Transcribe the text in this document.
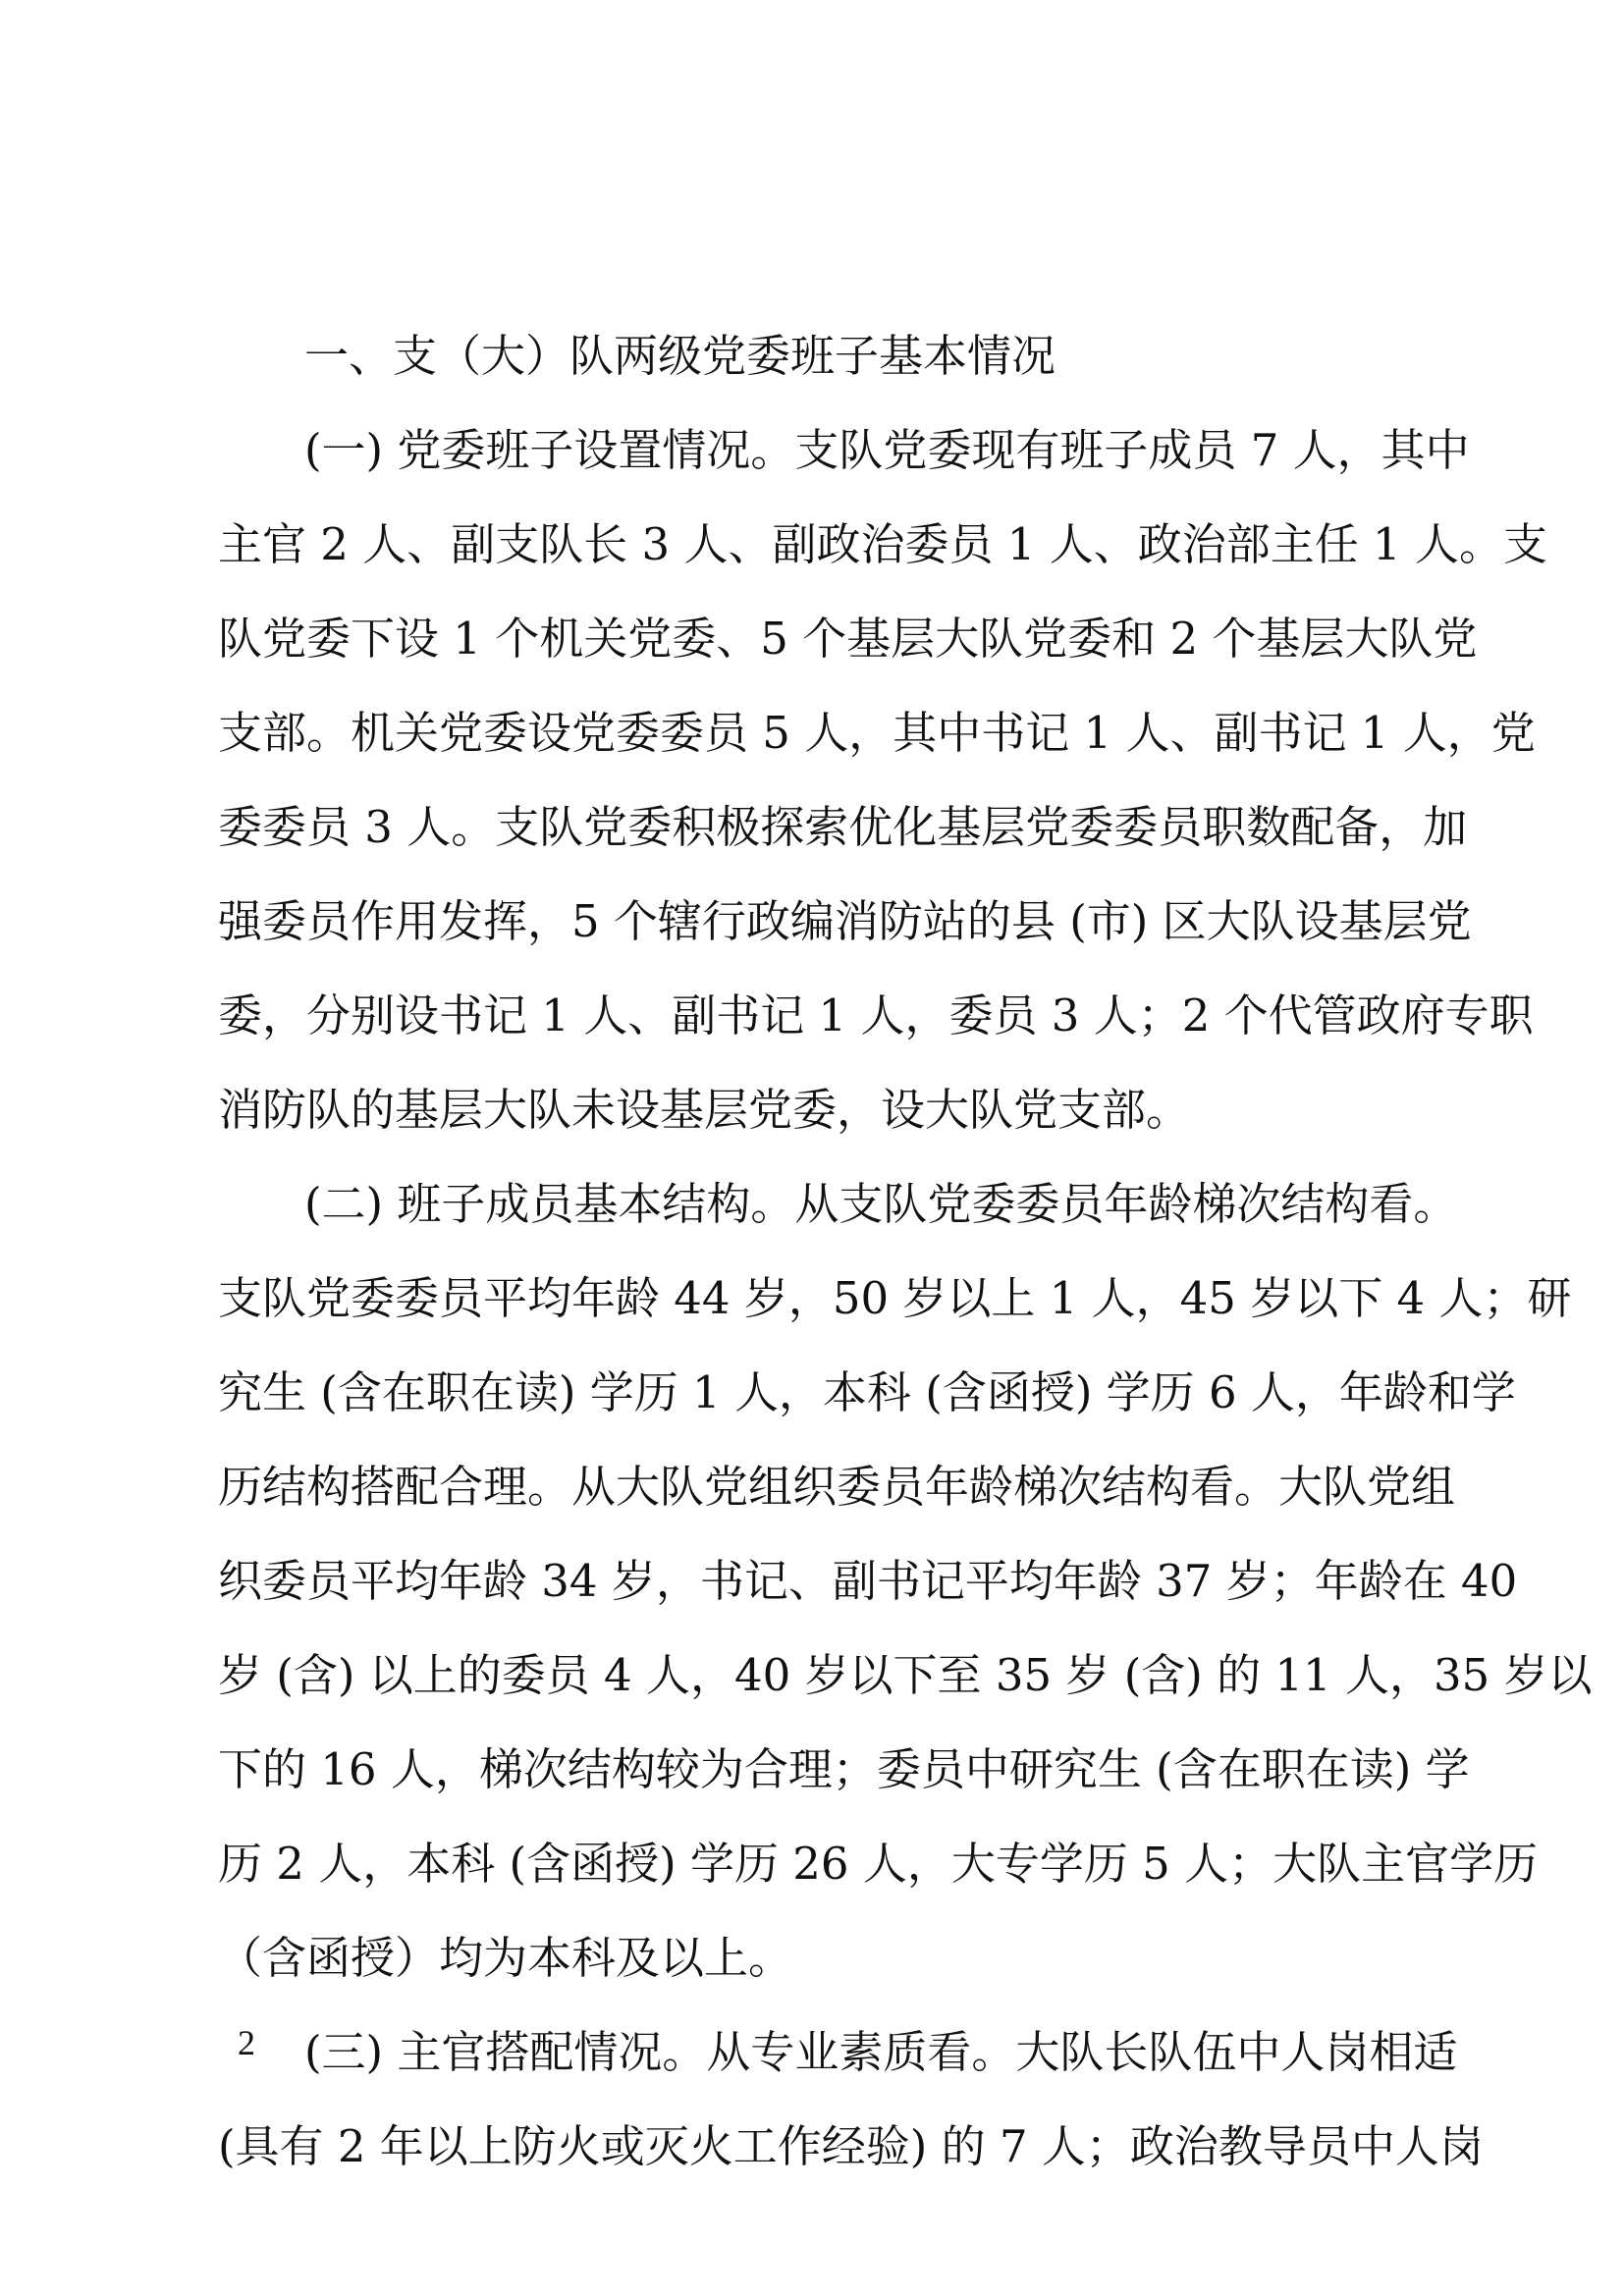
一、支（大）队两级党委班子基本情况

(一) 党委班子设置情况。支队党委现有班子成员 7 人，其中

主官 2 人、副支队长 3 人、副政治委员 1 人、政治部主任 1 人。支

队党委下设 1 个机关党委、5 个基层大队党委和 2 个基层大队党

支部。机关党委设党委委员 5 人，其中书记 1 人、副书记 1 人，党

委委员 3 人。支队党委积极探索优化基层党委委员职数配备，加

强委员作用发挥，5 个辖行政编消防站的县 (市) 区大队设基层党

委，分别设书记 1 人、副书记 1 人，委员 3 人；2 个代管政府专职

消防队的基层大队未设基层党委，设大队党支部。

(二) 班子成员基本结构。从支队党委委员年龄梯次结构看。

支队党委委员平均年龄 44 岁，50 岁以上 1 人，45 岁以下 4 人；研

究生 (含在职在读) 学历 1 人，本科 (含函授) 学历 6 人，年龄和学

历结构搭配合理。从大队党组织委员年龄梯次结构看。大队党组

织委员平均年龄 34 岁，书记、副书记平均年龄 37 岁；年龄在 40

岁 (含) 以上的委员 4 人，40 岁以下至 35 岁 (含) 的 11 人，35 岁以

下的 16 人，梯次结构较为合理；委员中研究生 (含在职在读) 学

历 2 人，本科 (含函授) 学历 26 人，大专学历 5 人；大队主官学历

（含函授）均为本科及以上。

(三) 主官搭配情况。从专业素质看。大队长队伍中人岗相适

(具有 2 年以上防火或灭火工作经验) 的 7 人；政治教导员中人岗

2
